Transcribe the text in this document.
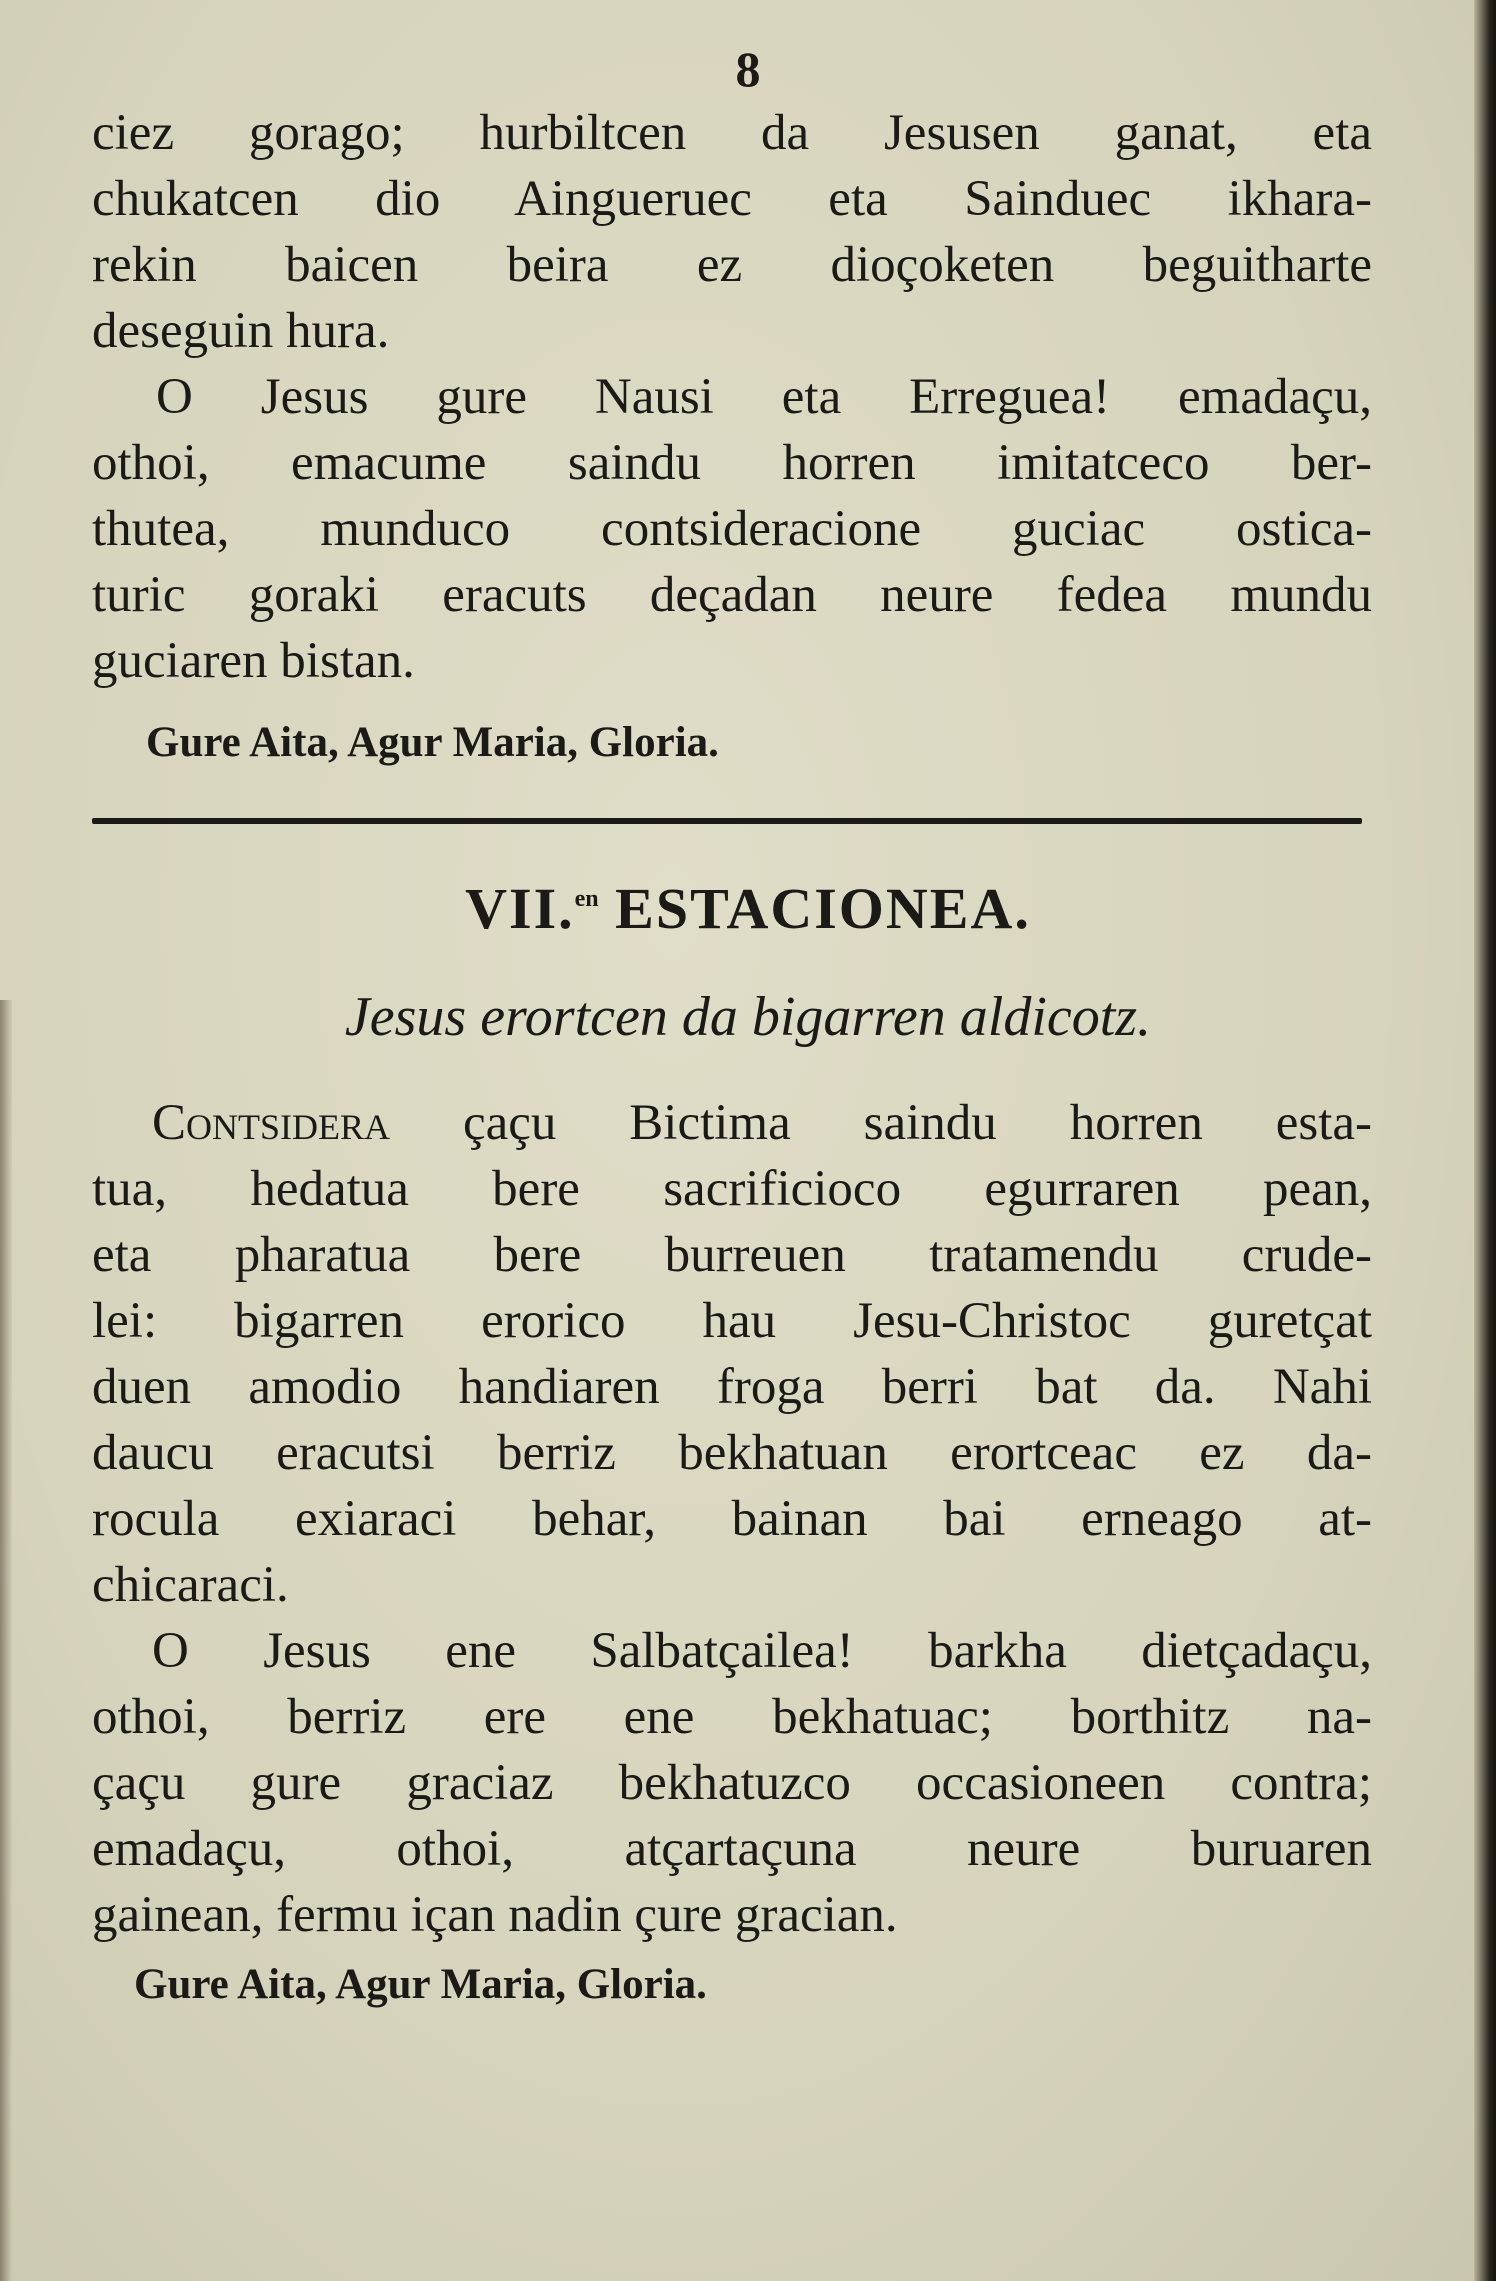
8
ciez gorago; hurbiltcen da Jesusen ganat, eta
chukatcen dio Ainguerueс eta Sainduec ikhara-
rekin baicen beira ez dioçoketen beguitharte
deseguin hura.
O Jesus gure Nausi eta Erreguea! emadaçu,
othoi, emacume saindu horren imitatceco ber-
thutea, munduco contsideracione guciac ostica-
turic goraki eracuts deçadan neure fedea mundu
guciaren bistan.
Gure Aita, Agur Maria, Gloria.
VII.$^{en}$ ESTACIONEA.
Jesus erortcen da bigarren aldicotz.
Contsidera çaçu Bictima saindu horren esta-
tua, hedatua bere sacrificioco egurraren pean,
eta pharatua bere burreuen tratamendu crude-
lei: bigarren erorico hau Jesu-Christoc guretçat
duen amodio handiaren froga berri bat da. Nahi
daucu eracutsi berriz bekhatuan erortceac ez da-
rocula exiaraci behar, bainan bai erneago at-
chicaraci.
O Jesus ene Salbatçailea! barkha dietçadaçu,
othoi, berriz ere ene bekhatuac; borthitz na-
çaçu gure graciaz bekhatuzco occasioneen contra;
emadaçu, othoi, atçartaçuna neure buruaren
gainean, fermu içan nadin çure gracian.
Gure Aita, Agur Maria, Gloria.
